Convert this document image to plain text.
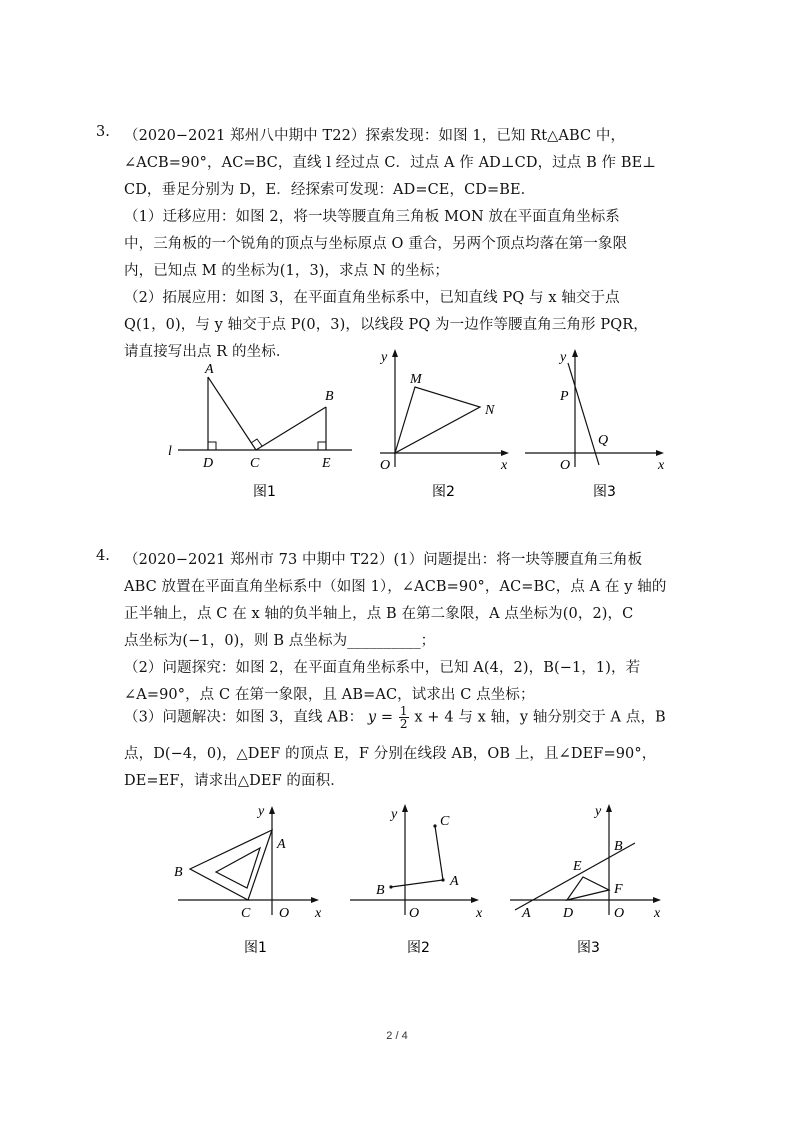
3. （2020−2021 郑州八中期中 T22）探索发现：如图 1，已知 Rt△ABC 中，
∠ACB=90°，AC=BC，直线 l 经过点 C．过点 A 作 AD⊥CD，过点 B 作 BE⊥
CD，垂足分别为 D，E．经探索可发现：AD=CE，CD=BE．
（1）迁移应用：如图 2，将一块等腰直角三角板 MON 放在平面直角坐标系
中，三角板的一个锐角的顶点与坐标原点 O 重合，另两个顶点均落在第一象限
内，已知点 M 的坐标为(1，3)，求点 N 的坐标；
（2）拓展应用：如图 3，在平面直角坐标系中，已知直线 PQ 与 x 轴交于点
Q(1，0)，与 y 轴交于点 P(0，3)，以线段 PQ 为一边作等腰直角三角形 PQR，
请直接写出点 R 的坐标．
A
B
C
D	E
l
图1
M
N
O	x
y
图2
P
Q
O	x
y
图3
4. （2020−2021 郑州市 73 中期中 T22）(1）问题提出：将一块等腰直角三角板
ABC 放置在平面直角坐标系中（如图 1），∠ACB=90°，AC=BC，点 A 在 y 轴的
正半轴上，点 C 在 x 轴的负半轴上，点 B 在第二象限，A 点坐标为(0，2)，C
点坐标为(−1，0)，则 B 点坐标为__________；
（2）问题探究：如图 2，在平面直角坐标系中，已知 A(4，2)，B(−1，1)，若
∠A=90°，点 C 在第一象限，且 AB=AC，试求出 C 点坐标；
（3）问题解决：如图 3，直线 AB： $y = \frac{1}{2}$ x + 4 与 x 轴，y 轴分别交于 A 点，B
点，D(−4，0)，△DEF 的顶点 E，F 分别在线段 AB，OB 上，且∠DEF=90°，
DE=EF，请求出△DEF 的面积．
A
B
C O x
y
图1
A
B
C
O	x
y
图2
A
B
D
E
F
O x
y
图3
2 / 4
